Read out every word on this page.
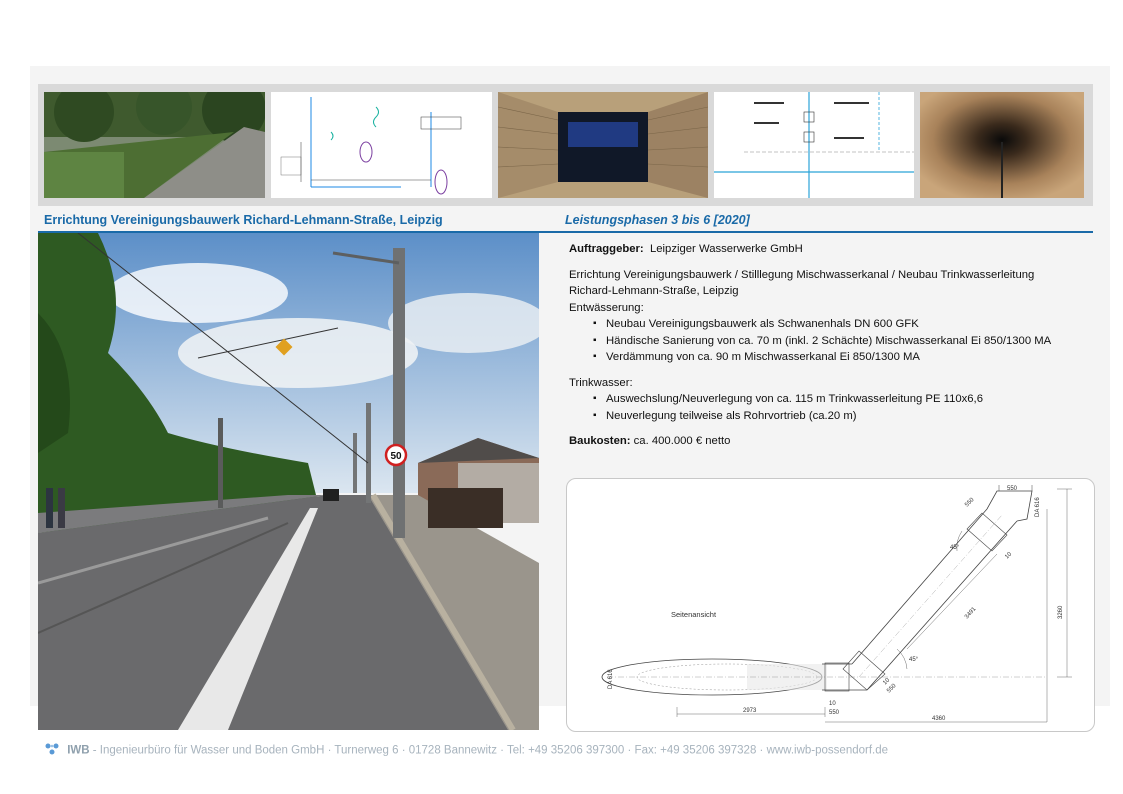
Errichtung Vereinigungsbauwerk Richard-Lehmann-Straße, Leipzig	Leistungsphasen 3 bis 6 [2020]
50

Auftraggeber: Leipziger Wasserwerke GmbH

Errichtung Vereinigungsbauwerk / Stilllegung Mischwasserkanal / Neubau Trinkwasserleitung

Richard-Lehmann-Straße, Leipzig

Entwässerung:

▪ Neubau Vereinigungsbauwerk als Schwanenhals DN 600 GFK
▪ Händische Sanierung von ca. 70 m (inkl. 2 Schächte) Mischwasserkanal Ei 850/1300 MA
▪ Verdämmung von ca. 90 m Mischwasserkanal Ei 850/1300 MA

Trinkwasser:

▪ Auswechslung/Neuverlegung von ca. 115 m Trinkwasserleitung PE 110x6,6
▪ Neuverlegung teilweise als Rohrvortrieb (ca.20 m)

Baukosten: ca. 400.000 € netto

Seitenansicht
550
550	DA 616
45°
10
3491	3260
45°
550
10
2973
10
550
4360
DA 616
IWB - Ingenieurbüro für Wasser und Boden GmbH · Turnerweg 6 · 01728 Bannewitz · Tel: +49 35206 397300 · Fax: +49 35206 397328 · www.iwb-possendorf.de
